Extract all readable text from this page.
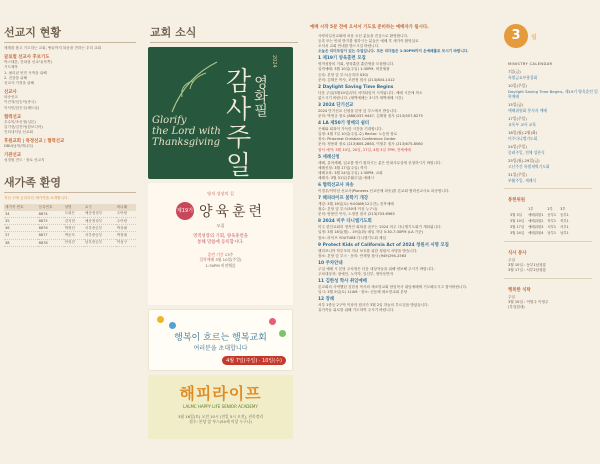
선교지 현황
세계를 품고 기도하는 교회, 땅끝까지 복음을 전하는 우리 교회
글로벌 선교사 후보기도
박스태본, 전희형 선교사(북쪽)
기도제목
1. 필리핀 빈민 사역을 위해
2. 건강을 위해
선교사 가정을 위해
선교사
파송선교
이진혁/임승이(중국)
이석민/한은주(베트남)
협력선교
우수미/조신정(일본)
김기현/김진아(캄보디아)
인터내셔널 선교회
후원교회 | 특정선교 | 협력선교
DBU(남미/캐나다)
기관선교
성경원 전도 · 장로 선교지
새가족 환영
지난 주에 등록하신 새가족을 소개합니다.
새가족 번호	등록번호	성명	교구	비나래
34	8874	도희은	예준정상부	주아랑
35	8875	김지현	예준정상부	주아랑
36	8876	박정신	서부중등부	박상필
37	8877	박준모	서부중등부	박정필
38	8878	안성진	남부중등부	여성구
교회 소식
2024
감사주일 영화필
Glorify
the Lord with
Thanksgiving
영적 성장의 길
제19기 양육훈련
모집
영적성장의 기회, 양육훈련을
통해 말씀에 동록합시다.
훈련 기간 13주
입학예배 3월 10일(주일)
1:30PM 비전채플
행복이 흐르는 행복교회
여러분을 초대합니다
4월 7일(주일) · 10일(수)
해피라이프
LALMC HAPPY LIFE SENIOR ACADEMY
3월 16일(토) 오전 10시 (전일 5시 오전), 친목정리
접수: 본당 앞 부스(50세 이상 누구나)
예배 시작 5분 전에 오셔서 기도로 준비하는 예배자가 됩시다.
사랑의일선교회에 처음 오신 분들을 진심으로 환영합니다.
등록 또는 안내 받기를 원하시는 분들은 예배 후 새가족 환영실로
오셔서 교회 안내를 받으시길 바랍니다.
오늘은 리더모임이 있는 주일입니다. 모든 리더들은 1:30PM까지 온예배홀로 모시기 바랍니다.
1 제19기 양육훈련 모집
영적성장의 기회, 양육훈련 훈련생을 모집합니다.
입학예배: 3월 10일(주일) 1:30PM, 비전채플
등록: 본당 앞 부스(등록비 $30)
문의: 김태은 목사, 조현정 집사 (213)804-1412
2 Daylight Saving Time Begins
다음 주일(3월10일)부터 서머타임이 시작됩니다. 예배 시간에 착오
없으시기 바랍니다. (새벽예배는 3시가 새벽예배 시간)
3 2024 단기선교
2024 단기선교 신청을 본당 앞 부스에서 받습니다.
문의: 박명규 장로 (888)337-9447, 김태형 집사 (213)507-8275
4 LA 제50기 영매의 쉼터
은혜와 회복이 가득한 시간을 기대합니다.
일정: 4월 7일 10일(주일-수) Rector: 노승현 장로
장소: Pinecrest Christian Conference Center
문의: 정용화 장로 (213)605-2863, 이형우 집사 (213)675-8560
참석 예약: 3월 10일, 20일, 27일, 4월 3일 7PM, 전체예배
5 세례신청
세례, 유아세례, 입교를 받기 원하시는 분은 안내사무실에 신청하시기 바랍니다.
세례신청: 3월 17일(주일) 까지
세례교육: 3월 24일(주일) 1:30PM, 교회
세례식: 3월 31일(부활주일) 예배시
6 협력선교사 파송
이경우/이미선 선교사(Pioneers 선교단체 파송)를 본교회 협력선교사로 파송합니다.
7 해피라이프 봄학기 개강
개강: 3월 16일(토) 9:00AM(12주간), 친목예배
접수: 본당 앞 부스(50세 이상 누구나)
문의: 양용민 목사, 노정현 집사 (213)703-6963
8 2024 미주 다니엘기도회
미주 한인교회의 영적인 회복을 꿈꾸는 2024 미주 다니엘기도회가 개최됩니다.
일정: 3월 18일(월) - 19일(화) 매일 저녁 5:30-7:30PM (LA 기준)
장소: 라이브 YOUTUBE 다니엘기도회 채널
9 Protect Kids of California Act of 2024 청원서 서명 모집
캘리포니아 학부모의 자녀 보호를 위한 청원서 서명을 받습니다.
장소: 본당 앞 부스 · 문의: 안재형 집사 (949)294-2563
10 주차안내
주일 예배 시 본당 주차장은 다음 대상자들을 위해 양보해 주시기 바랍니다.
주차대상자: 장애인, 노약자, 임산부, 영아동반자
11 김한성 학사 취임예배
본교회의 사역했던 김한성 목사의 새소망교회 담임목사 취임예배에 기도해주시고 참석바랍니다.
일시: 3월 9일(토) 11AM · 장소: 신동체 새소망교회 본당
12 장례
서부 1중등 2구역 이상학 집사가 3월 2일 하늘의 부르심을 받았습니다.
유가족들 위로를 위해 기도하여 주시기 바랍니다.
3	월
MINISTRY CALENDAR
7일(금)
특별금요부흥집회
10일(주일)
Daylight Saving Time Begins, 제19기 양육훈련 입학예배
15일(금)
예배위원회 봉사자 예배
17일(주일)
교육부 교사 교육
18일(월)-2월(화)
미주다니엘기도회
24일(주일)
종려주일, 전체 성찬식
25일(월)-29일(금)
고난주간 특별새벽기도회
31일(주일)
부활주일, 세례식
봉헌위원
	1부	2부	3부
3월 3일	예배위원1	동부1	동부1
3월 10일	예배위원2	북부1	북부1
3월 17일	예배위원3	서부1	서부1
3월 24일	예배위원4	남부1	남부1
식사 봉사
주일
3월 10일 : 동부1남청룡
3월 17일 : 서부2남청룡
행복한 식탁
주일
3월 10일 : 이명주 이영주
(부엌집대)
